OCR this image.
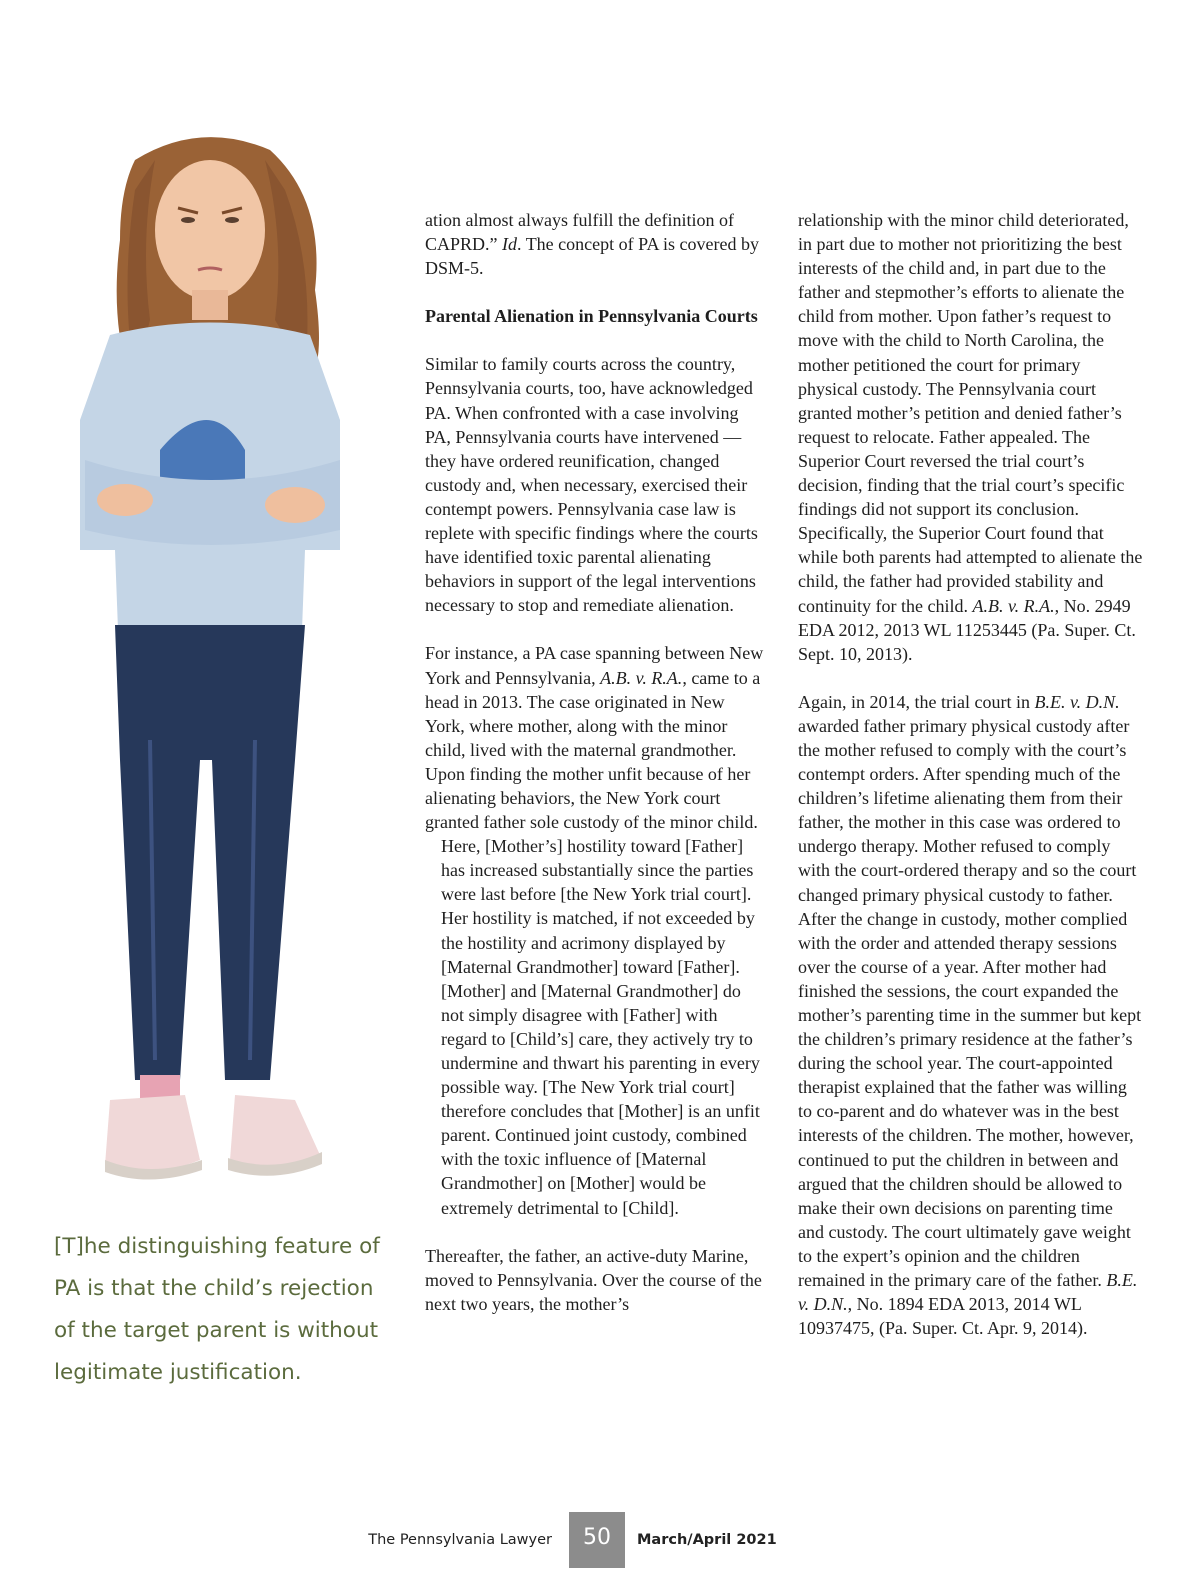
[T]he distinguishing feature of PA is that the child’s rejection of the target parent is without legitimate justification.

ation almost always fulfill the definition of CAPRD.” Id. The concept of PA is covered by DSM-5.

Parental Alienation in Pennsylvania Courts

Similar to family courts across the country, Pennsylvania courts, too, have acknowledged PA. When confronted with a case involving PA, Pennsylvania courts have intervened — they have ordered reunification, changed custody and, when necessary, exercised their contempt powers. Pennsylvania case law is replete with specific findings where the courts have identified toxic parental alienating behaviors in support of the legal interventions necessary to stop and remediate alienation.

For instance, a PA case spanning between New York and Pennsylvania, A.B. v. R.A., came to a head in 2013. The case originated in New York, where mother, along with the minor child, lived with the maternal grandmother. Upon finding the mother unfit because of her alienating behaviors, the New York court granted father sole custody of the minor child.

Here, [Mother’s] hostility toward [Father] has increased substantially since the parties were last before [the New York trial court]. Her hostility is matched, if not exceeded by the hostility and acrimony displayed by [Maternal Grandmother] toward [Father]. [Mother] and [Maternal Grandmother] do not simply disagree with [Father] with regard to [Child’s] care, they actively try to undermine and thwart his parenting in every possible way. [The New York trial court] therefore concludes that [Mother] is an unfit parent. Continued joint custody, combined with the toxic influence of [Maternal Grandmother] on [Mother] would be extremely detrimental to [Child].

Thereafter, the father, an active-duty Marine, moved to Pennsylvania. Over the course of the next two years, the mother’s

relationship with the minor child deteriorated, in part due to mother not prioritizing the best interests of the child and, in part due to the father and stepmother’s efforts to alienate the child from mother. Upon father’s request to move with the child to North Carolina, the mother petitioned the court for primary physical custody. The Pennsylvania court granted mother’s petition and denied father’s request to relocate. Father appealed. The Superior Court reversed the trial court’s decision, finding that the trial court’s specific findings did not support its conclusion. Specifically, the Superior Court found that while both parents had attempted to alienate the child, the father had provided stability and continuity for the child. A.B. v. R.A., No. 2949 EDA 2012, 2013 WL 11253445 (Pa. Super. Ct. Sept. 10, 2013).

Again, in 2014, the trial court in B.E. v. D.N. awarded father primary physical custody after the mother refused to comply with the court’s contempt orders. After spending much of the children’s lifetime alienating them from their father, the mother in this case was ordered to undergo therapy. Mother refused to comply with the court-ordered therapy and so the court changed primary physical custody to father. After the change in custody, mother complied with the order and attended therapy sessions over the course of a year. After mother had finished the sessions, the court expanded the mother’s parenting time in the summer but kept the children’s primary residence at the father’s during the school year. The court-appointed therapist explained that the father was willing to co-parent and do whatever was in the best interests of the children. The mother, however, continued to put the children in between and argued that the children should be allowed to make their own decisions on parenting time and custody. The court ultimately gave weight to the expert’s opinion and the children remained in the primary care of the father. B.E. v. D.N., No. 1894 EDA 2013, 2014 WL 10937475, (Pa. Super. Ct. Apr. 9, 2014).

The Pennsylvania Lawyer	50	March/April 2021
